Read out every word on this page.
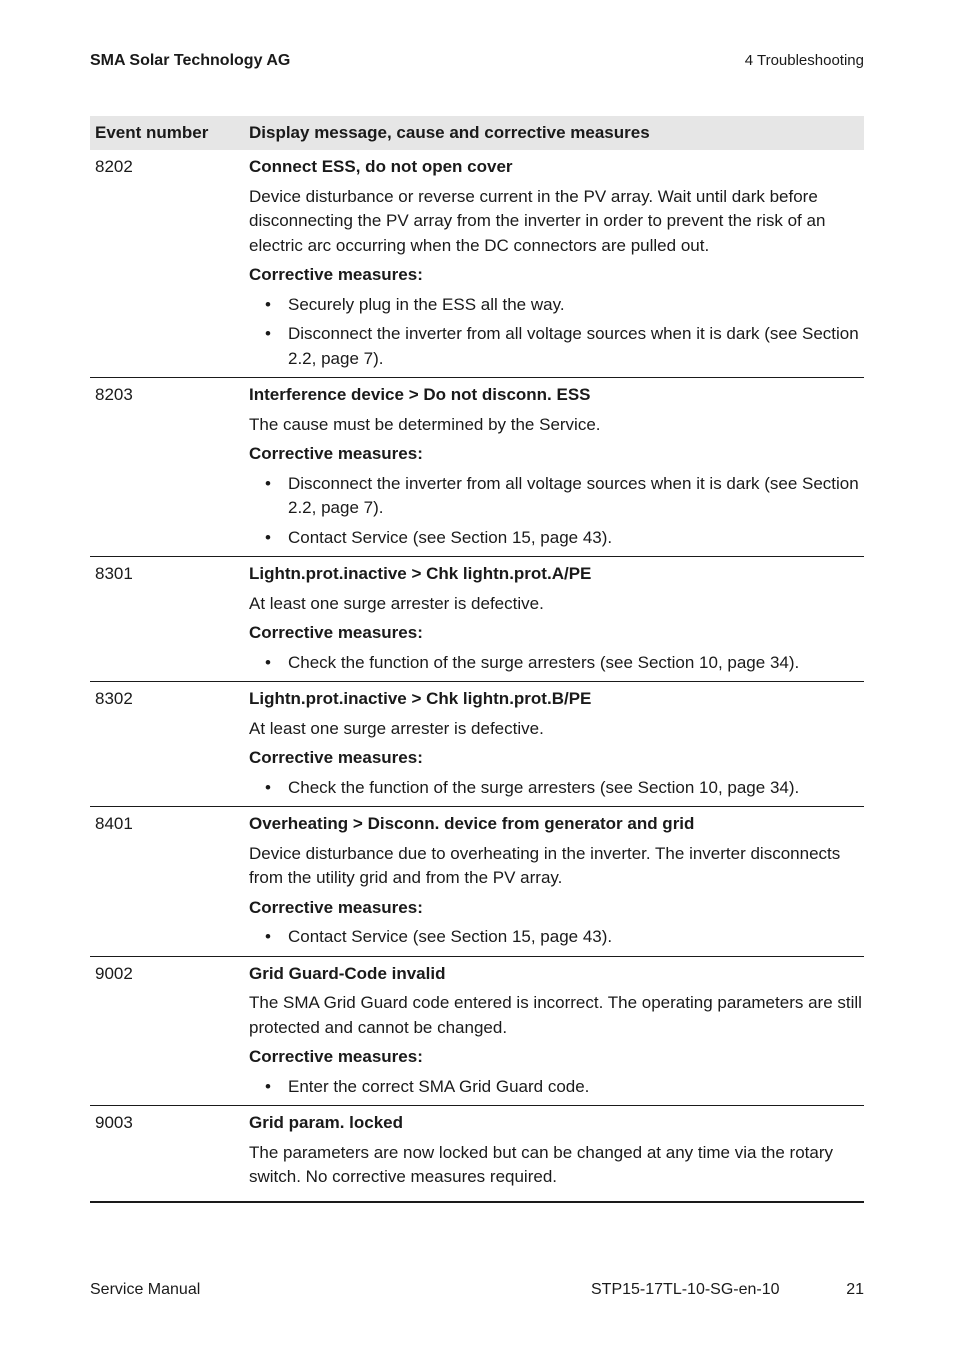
SMA Solar Technology AG	4 Troubleshooting
Event number	Display message, cause and corrective measures
8202	Connect ESS, do not open cover
Device disturbance or reverse current in the PV array. Wait until dark before disconnecting the PV array from the inverter in order to prevent the risk of an electric arc occurring when the DC connectors are pulled out.
Corrective measures:
• Securely plug in the ESS all the way.
• Disconnect the inverter from all voltage sources when it is dark (see Section 2.2, page 7).
8203	Interference device > Do not disconn. ESS
The cause must be determined by the Service.
Corrective measures:
• Disconnect the inverter from all voltage sources when it is dark (see Section 2.2, page 7).
• Contact Service (see Section 15, page 43).
8301	Lightn.prot.inactive > Chk lightn.prot.A/PE
At least one surge arrester is defective.
Corrective measures:
• Check the function of the surge arresters (see Section 10, page 34).
8302	Lightn.prot.inactive > Chk lightn.prot.B/PE
At least one surge arrester is defective.
Corrective measures:
• Check the function of the surge arresters (see Section 10, page 34).
8401	Overheating > Disconn. device from generator and grid
Device disturbance due to overheating in the inverter. The inverter disconnects from the utility grid and from the PV array.
Corrective measures:
• Contact Service (see Section 15, page 43).
9002	Grid Guard-Code invalid
The SMA Grid Guard code entered is incorrect. The operating parameters are still protected and cannot be changed.
Corrective measures:
• Enter the correct SMA Grid Guard code.
9003	Grid param. locked
The parameters are now locked but can be changed at any time via the rotary switch. No corrective measures required.
Service Manual	STP15-17TL-10-SG-en-10	21
